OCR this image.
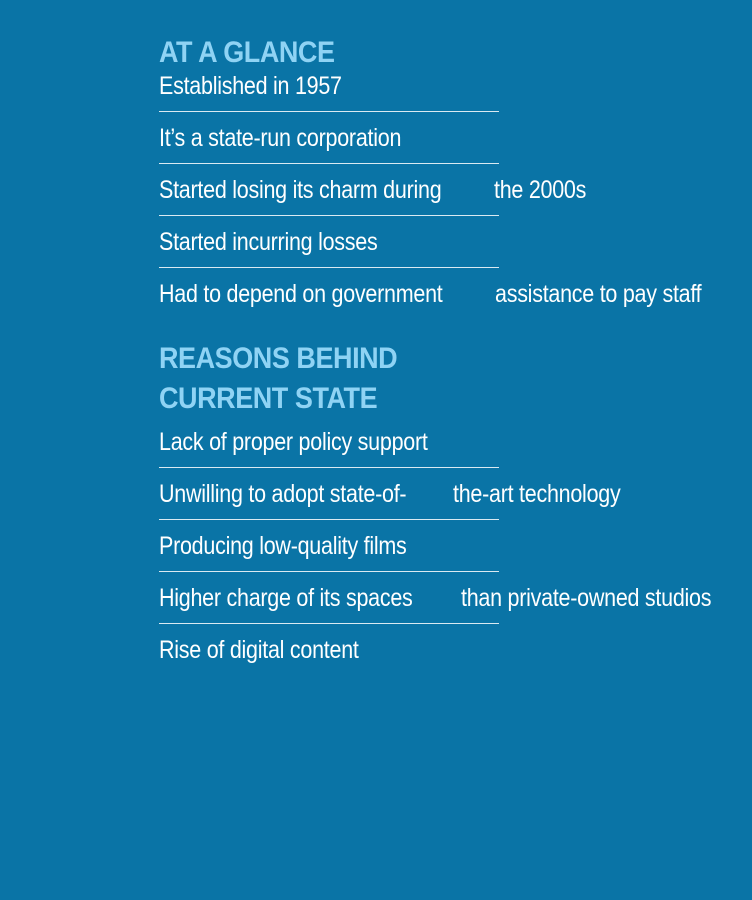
AT A GLANCE
Established in 1957
It’s a state-run corporation
Started losing its charm during the 2000s
Started incurring losses
Had to depend on government assistance to pay staff
REASONS BEHIND
CURRENT STATE
Lack of proper policy support
Unwilling to adopt state-of- the-art technology
Producing low-quality films
Higher charge of its spaces than private-owned studios
Rise of digital content
